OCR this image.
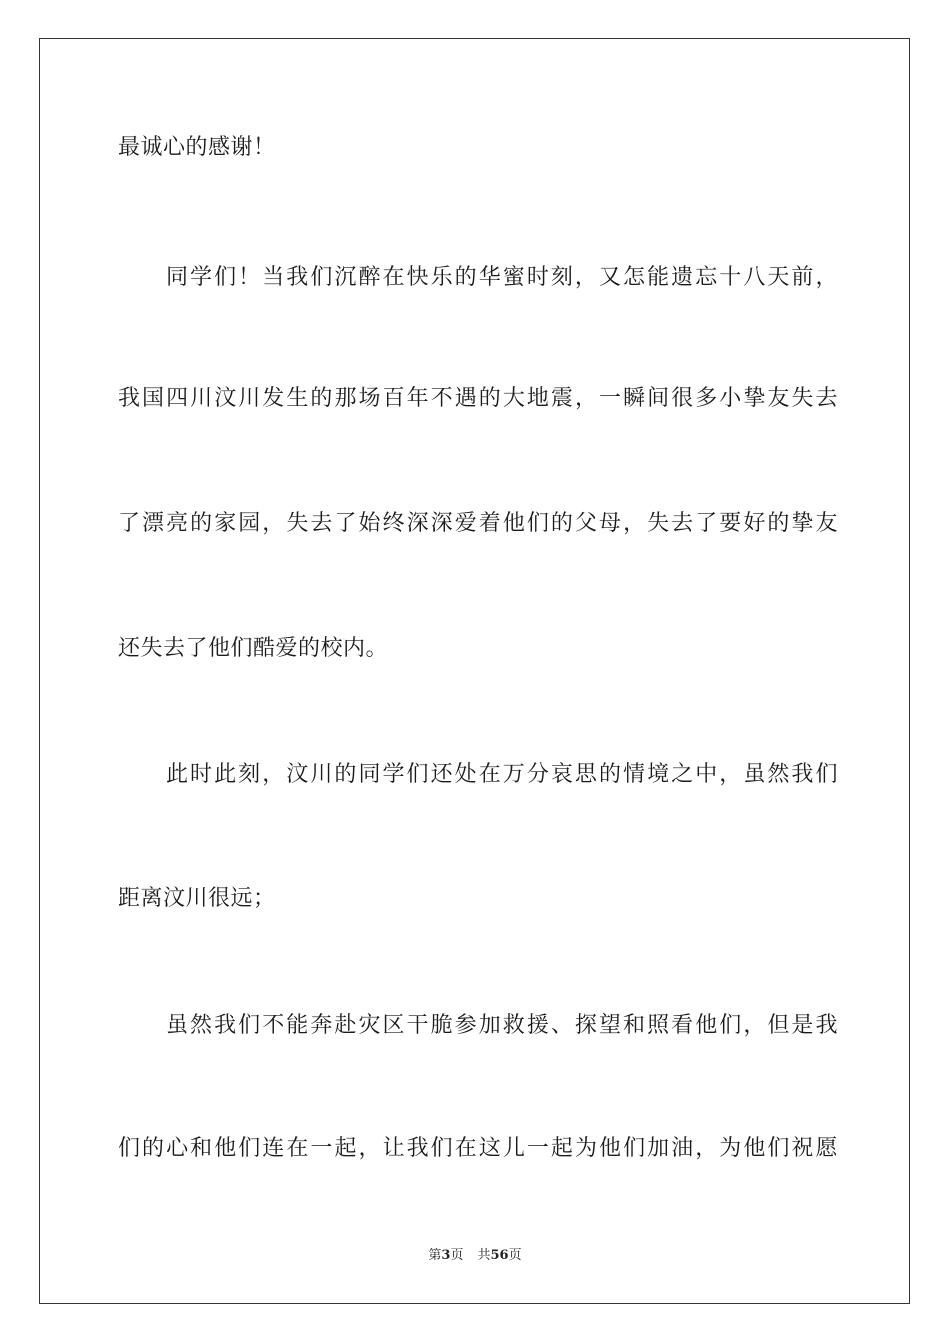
最诚心的感谢！
同学们！当我们沉醉在快乐的华蜜时刻，又怎能遗忘十八天前，
我国四川汶川发生的那场百年不遇的大地震，一瞬间很多小挚友失去
了漂亮的家园，失去了始终深深爱着他们的父母，失去了要好的挚友
还失去了他们酷爱的校内。
此时此刻，汶川的同学们还处在万分哀思的情境之中，虽然我们
距离汶川很远；
虽然我们不能奔赴灾区干脆参加救援、探望和照看他们，但是我
们的心和他们连在一起，让我们在这儿一起为他们加油，为他们祝愿
第3页 共56页
